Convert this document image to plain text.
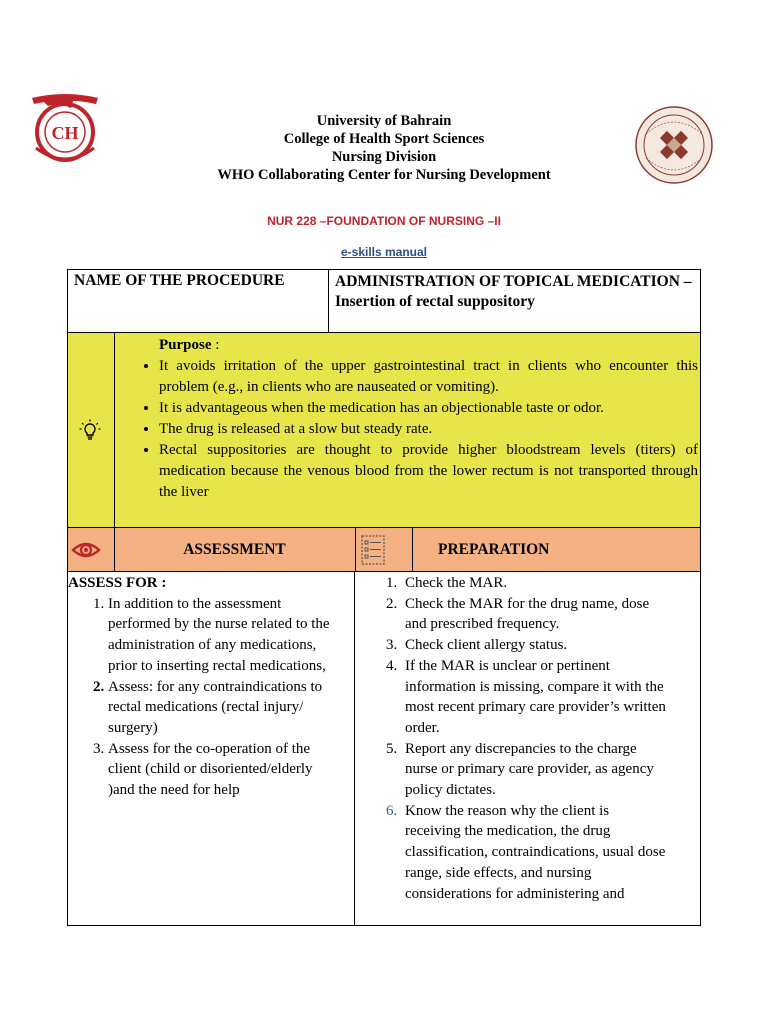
CH
University of Bahrain
College of Health Sport Sciences
Nursing Division
WHO Collaborating Center for Nursing Development
NUR 228 –FOUNDATION OF NURSING –II
e-skills manual
NAME OF THE PROCEDURE	ADMINISTRATION OF TOPICAL MEDICATION – Insertion of rectal suppository
Purpose :
• It avoids irritation of the upper gastrointestinal tract in clients who encounter this problem (e.g., in clients who are nauseated or vomiting).
• It is advantageous when the medication has an objectionable taste or odor.
• The drug is released at a slow but steady rate.
• Rectal suppositories are thought to provide higher bloodstream levels (titers) of medication because the venous blood from the lower rectum is not transported through the liver
ASSESSMENT	PREPARATION
ASSESS FOR :
1. In addition to the assessment performed by the nurse related to the administration of any medications, prior to inserting rectal medications,
2. Assess: for any contraindications to rectal medications (rectal injury/ surgery)
3. Assess for the co-operation of the client (child or disoriented/elderly )and the need for help
1. Check the MAR.
2. Check the MAR for the drug name, dose and prescribed frequency.
3. Check client allergy status.
4. If the MAR is unclear or pertinent information is missing, compare it with the most recent primary care provider’s written order.
5. Report any discrepancies to the charge nurse or primary care provider, as agency policy dictates.
6. Know the reason why the client is receiving the medication, the drug classification, contraindications, usual dose range, side effects, and nursing considerations for administering and
